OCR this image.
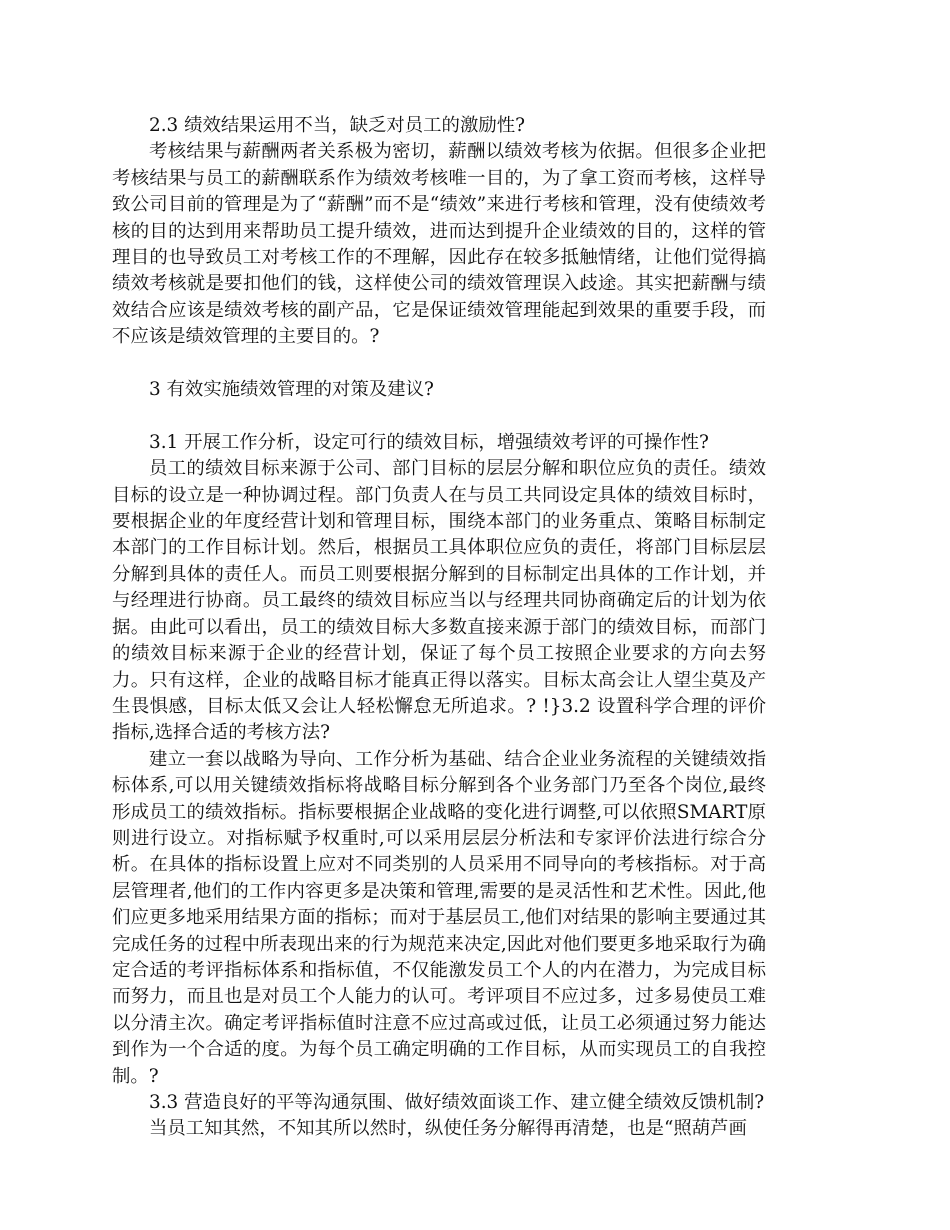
2.3 绩效结果运用不当，缺乏对员工的激励性?

考核结果与薪酬两者关系极为密切，薪酬以绩效考核为依据。但很多企业把考核结果与员工的薪酬联系作为绩效考核唯一目的，为了拿工资而考核，这样导致公司目前的管理是为了“薪酬”而不是“绩效”来进行考核和管理，没有使绩效考核的目的达到用来帮助员工提升绩效，进而达到提升企业绩效的目的，这样的管理目的也导致员工对考核工作的不理解，因此存在较多抵触情绪，让他们觉得搞绩效考核就是要扣他们的钱，这样使公司的绩效管理误入歧途。其实把薪酬与绩效结合应该是绩效考核的副产品，它是保证绩效管理能起到效果的重要手段，而不应该是绩效管理的主要目的。?

3 有效实施绩效管理的对策及建议?

3.1 开展工作分析，设定可行的绩效目标，增强绩效考评的可操作性?

员工的绩效目标来源于公司、部门目标的层层分解和职位应负的责任。绩效目标的设立是一种协调过程。部门负责人在与员工共同设定具体的绩效目标时，要根据企业的年度经营计划和管理目标，围绕本部门的业务重点、策略目标制定本部门的工作目标计划。然后，根据员工具体职位应负的责任，将部门目标层层分解到具体的责任人。而员工则要根据分解到的目标制定出具体的工作计划，并与经理进行协商。员工最终的绩效目标应当以与经理共同协商确定后的计划为依据。由此可以看出，员工的绩效目标大多数直接来源于部门的绩效目标，而部门的绩效目标来源于企业的经营计划，保证了每个员工按照企业要求的方向去努力。只有这样，企业的战略目标才能真正得以落实。目标太高会让人望尘莫及产生畏惧感，目标太低又会让人轻松懈怠无所追求。? !}3.2 设置科学合理的评价指标,选择合适的考核方法?

建立一套以战略为导向、工作分析为基础、结合企业业务流程的关键绩效指标体系,可以用关键绩效指标将战略目标分解到各个业务部门乃至各个岗位,最终形成员工的绩效指标。指标要根据企业战略的变化进行调整,可以依照SMART原则进行设立。对指标赋予权重时,可以采用层层分析法和专家评价法进行综合分析。在具体的指标设置上应对不同类别的人员采用不同导向的考核指标。对于高层管理者,他们的工作内容更多是决策和管理,需要的是灵活性和艺术性。因此,他们应更多地采用结果方面的指标；而对于基层员工,他们对结果的影响主要通过其完成任务的过程中所表现出来的行为规范来决定,因此对他们要更多地采取行为确定合适的考评指标体系和指标值，不仅能激发员工个人的内在潜力，为完成目标而努力，而且也是对员工个人能力的认可。考评项目不应过多，过多易使员工难以分清主次。确定考评指标值时注意不应过高或过低，让员工必须通过努力能达到作为一个合适的度。为每个员工确定明确的工作目标，从而实现员工的自我控制。?

3.3 营造良好的平等沟通氛围、做好绩效面谈工作、建立健全绩效反馈机制?

当员工知其然，不知其所以然时，纵使任务分解得再清楚，也是“照葫芦画
